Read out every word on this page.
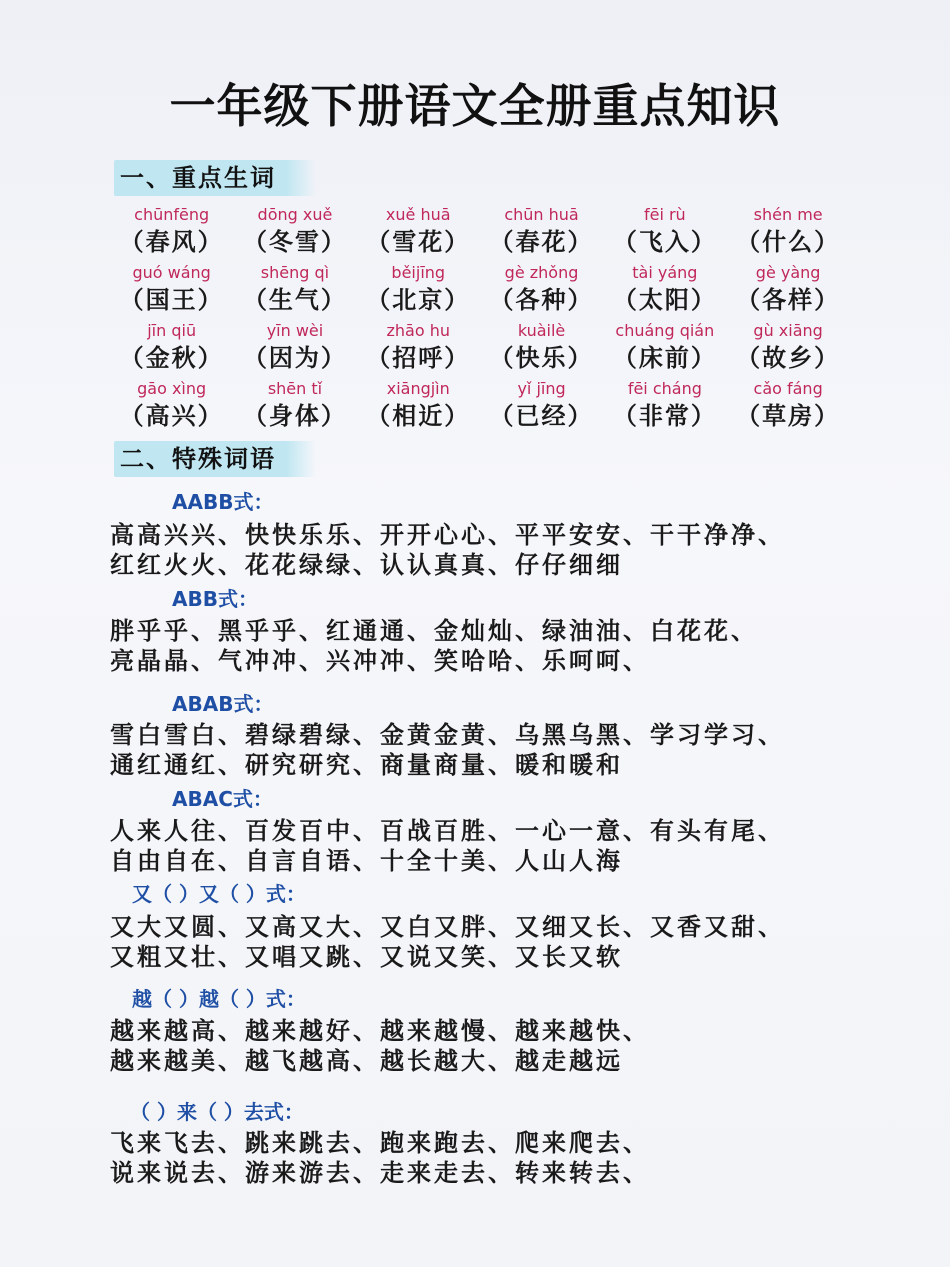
一年级下册语文全册重点知识
一、重点生词
chūnfēng
（春风）
dōng xuě
（冬雪）
xuě huā
（雪花）
chūn huā
（春花）
fēi rù
（飞入）
shén me
（什么）
guó wáng
（国王）
shēng qì
（生气）
běijīng
（北京）
gè zhǒng
（各种）
tài yáng
（太阳）
gè yàng
（各样）
jīn qiū
（金秋）
yīn wèi
（因为）
zhāo hu
（招呼）
kuàilè
（快乐）
chuáng qián
（床前）
gù xiāng
（故乡）
gāo xìng
（高兴）
shēn tǐ
（身体）
xiāngjìn
（相近）
yǐ jīng
（已经）
fēi cháng
（非常）
cǎo fáng
（草房）
二、特殊词语
AABB式：
高高兴兴、快快乐乐、开开心心、平平安安、干干净净、
红红火火、花花绿绿、认认真真、仔仔细细
ABB式：
胖乎乎、黑乎乎、红通通、金灿灿、绿油油、白花花、
亮晶晶、气冲冲、兴冲冲、笑哈哈、乐呵呵、
ABAB式：
雪白雪白、碧绿碧绿、金黄金黄、乌黑乌黑、学习学习、
通红通红、研究研究、商量商量、暖和暖和
ABAC式：
人来人往、百发百中、百战百胜、一心一意、有头有尾、
自由自在、自言自语、十全十美、人山人海
又（ ）又（ ）式：
又大又圆、又高又大、又白又胖、又细又长、又香又甜、
又粗又壮、又唱又跳、又说又笑、又长又软
越（ ）越（ ）式：
越来越高、越来越好、越来越慢、越来越快、
越来越美、越飞越高、越长越大、越走越远
（ ）来（ ）去式：
飞来飞去、跳来跳去、跑来跑去、爬来爬去、
说来说去、游来游去、走来走去、转来转去、
